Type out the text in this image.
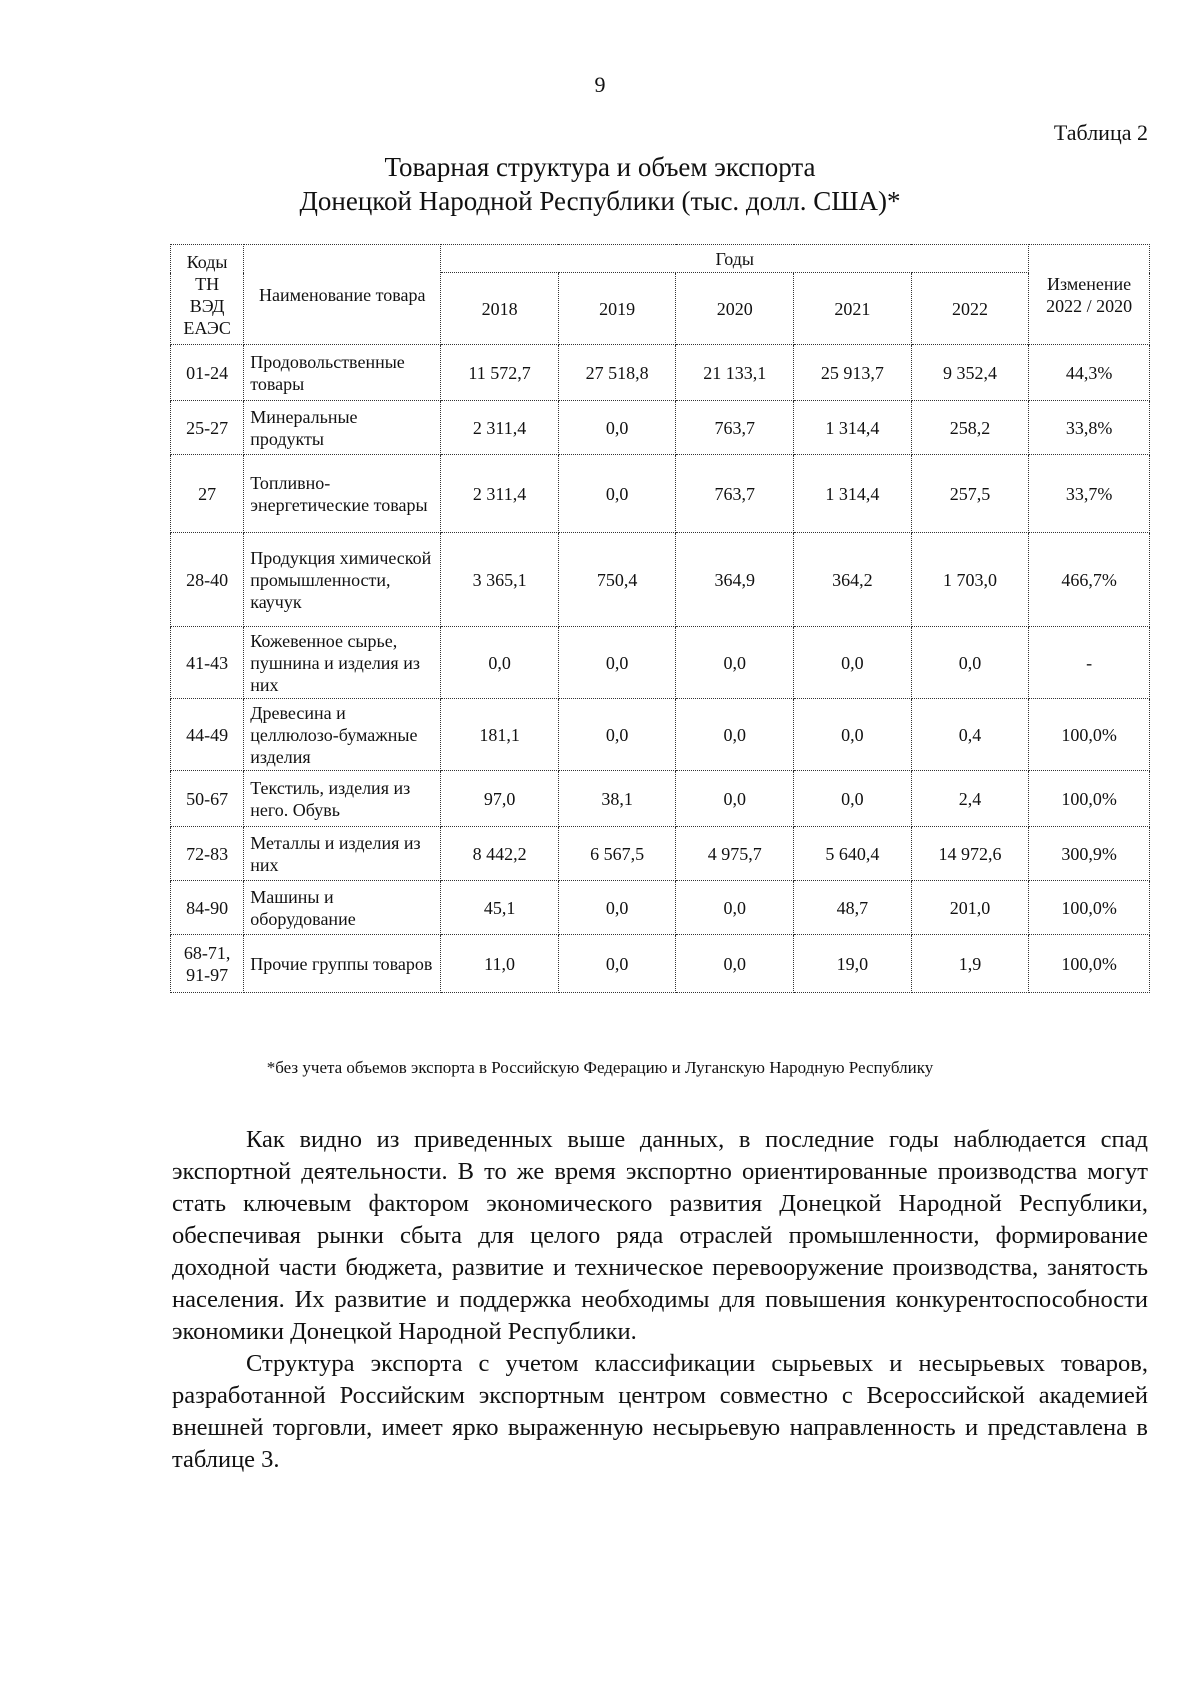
9
Таблица 2
Товарная структура и объем экспорта
Донецкой Народной Республики (тыс. долл. США)*
Коды ТН ВЭД ЕАЭС	Наименование товара	Годы					Изменение 2022 / 2020
		2018	2019	2020	2021	2022	
01-24	Продовольственные товары	11 572,7	27 518,8	21 133,1	25 913,7	9 352,4	44,3%
25-27	Минеральные продукты	2 311,4	0,0	763,7	1 314,4	258,2	33,8%
27	Топливно-энергетические товары	2 311,4	0,0	763,7	1 314,4	257,5	33,7%
28-40	Продукция химической промышленности, каучук	3 365,1	750,4	364,9	364,2	1 703,0	466,7%
41-43	Кожевенное сырье, пушнина и изделия из них	0,0	0,0	0,0	0,0	0,0	-
44-49	Древесина и целлюлозо-бумажные изделия	181,1	0,0	0,0	0,0	0,4	100,0%
50-67	Текстиль, изделия из него. Обувь	97,0	38,1	0,0	0,0	2,4	100,0%
72-83	Металлы и изделия из них	8 442,2	6 567,5	4 975,7	5 640,4	14 972,6	300,9%
84-90	Машины и оборудование	45,1	0,0	0,0	48,7	201,0	100,0%
68-71, 91-97	Прочие группы товаров	11,0	0,0	0,0	19,0	1,9	100,0%
*без учета объемов экспорта в Российскую Федерацию и Луганскую Народную Республику

Как видно из приведенных выше данных, в последние годы наблюдается спад экспортной деятельности. В то же время экспортно ориентированные производства могут стать ключевым фактором экономического развития Донецкой Народной Республики, обеспечивая рынки сбыта для целого ряда отраслей промышленности, формирование доходной части бюджета, развитие и техническое перевооружение производства, занятость населения. Их развитие и поддержка необходимы для повышения конкурентоспособности экономики Донецкой Народной Республики.

Структура экспорта с учетом классификации сырьевых и несырьевых товаров, разработанной Российским экспортным центром совместно с Всероссийской академией внешней торговли, имеет ярко выраженную несырьевую направленность и представлена в таблице 3.
